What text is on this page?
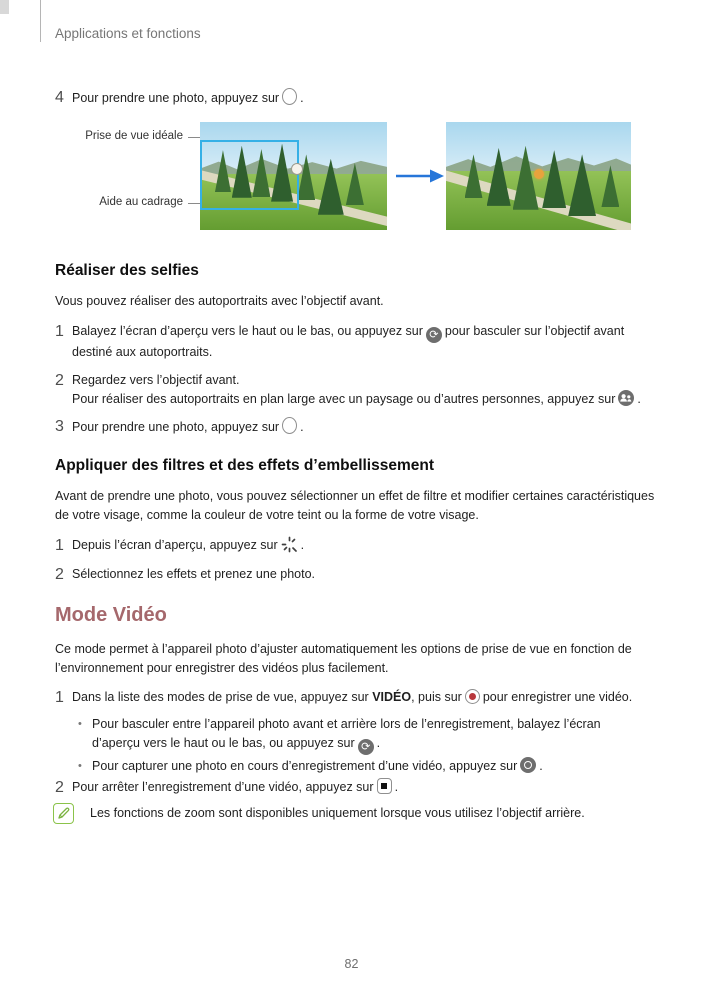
Applications et fonctions
4 Pour prendre une photo, appuyez sur .
Prise de vue idéale
Aide au cadrage
Réaliser des selfies
Vous pouvez réaliser des autoportraits avec l’objectif avant.
1 Balayez l’écran d’aperçu vers le haut ou le bas, ou appuyez sur ⟳ pour basculer sur l’objectif avant destiné aux autoportraits.
2 Regardez vers l’objectif avant.
Pour réaliser des autoportraits en plan large avec un paysage ou d’autres personnes, appuyez sur .
3 Pour prendre une photo, appuyez sur .
Appliquer des filtres et des effets d’embellissement
Avant de prendre une photo, vous pouvez sélectionner un effet de filtre et modifier certaines caractéristiques de votre visage, comme la couleur de votre teint ou la forme de votre visage.
1 Depuis l’écran d’aperçu, appuyez sur .
2 Sélectionnez les effets et prenez une photo.
Mode Vidéo
Ce mode permet à l’appareil photo d’ajuster automatiquement les options de prise de vue en fonction de l’environnement pour enregistrer des vidéos plus facilement.
1 Dans la liste des modes de prise de vue, appuyez sur VIDÉO, puis sur pour enregistrer une vidéo.
• Pour basculer entre l’appareil photo avant et arrière lors de l’enregistrement, balayez l’écran d’aperçu vers le haut ou le bas, ou appuyez sur ⟳ .
• Pour capturer une photo en cours d’enregistrement d’une vidéo, appuyez sur .
2 Pour arrêter l’enregistrement d’une vidéo, appuyez sur .
Les fonctions de zoom sont disponibles uniquement lorsque vous utilisez l’objectif arrière.
82
